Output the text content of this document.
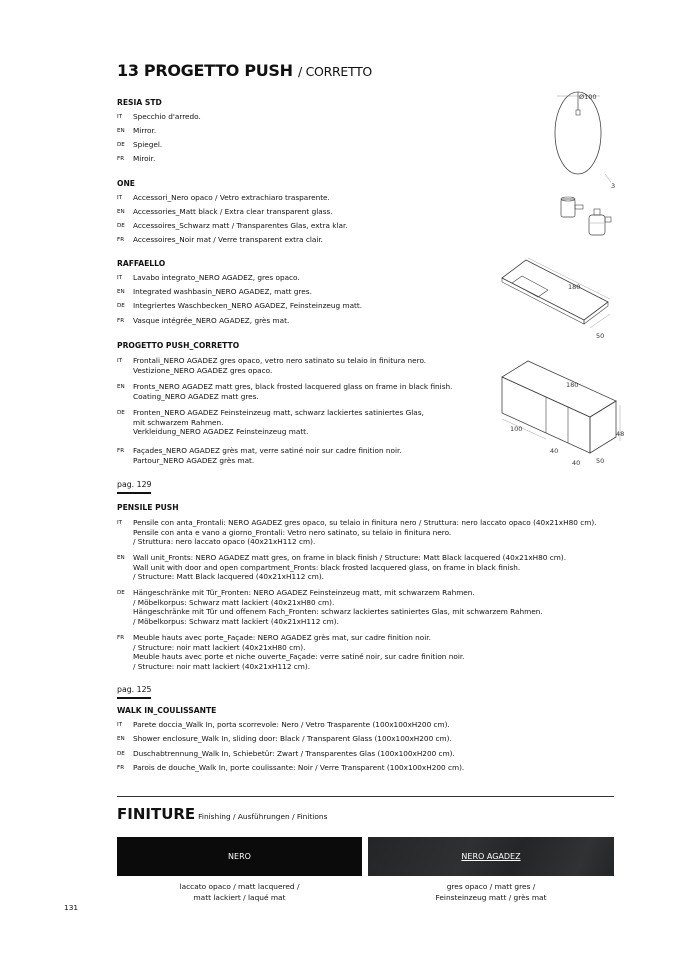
13 PROGETTO PUSH / CORRETTO
RESIA STD
IT Specchio d'arredo.
EN Mirror.
DE Spiegel.
FR Miroir.
ONE
IT Accessori_Nero opaco / Vetro extrachiaro trasparente.
EN Accessories_Matt black / Extra clear transparent glass.
DE Accessoires_Schwarz matt / Transparentes Glas, extra klar.
FR Accessoires_Noir mat / Verre transparent extra clair.
RAFFAELLO
IT Lavabo integrato_NERO AGADEZ, gres opaco.
EN Integrated washbasin_NERO AGADEZ, matt gres.
DE Integriertes Waschbecken_NERO AGADEZ, Feinsteinzeug matt.
FR Vasque intégrée_NERO AGADEZ, grès mat.
PROGETTO PUSH_CORRETTO
IT Frontali_NERO AGADEZ gres opaco, vetro nero satinato su telaio in finitura nero.
Vestizione_NERO AGADEZ gres opaco.
EN Fronts_NERO AGADEZ matt gres, black frosted lacquered glass on frame in black finish.
Coating_NERO AGADEZ matt gres.
DE Fronten_NERO AGADEZ Feinsteinzeug matt, schwarz lackiertes satiniertes Glas,
mit schwarzem Rahmen.
Verkleidung_NERO AGADEZ Feinsteinzeug matt.
FR Façades_NERO AGADEZ grès mat, verre satiné noir sur cadre finition noir.
Partour_NERO AGADEZ grès mat.
pag. 129
PENSILE PUSH
IT Pensile con anta_Frontali: NERO AGADEZ gres opaco, su telaio in finitura nero / Struttura: nero laccato opaco (40x21xH80 cm).
Pensile con anta e vano a giorno_Frontali: Vetro nero satinato, su telaio in finitura nero.
/ Struttura: nero laccato opaco (40x21xH112 cm).
EN Wall unit_Fronts: NERO AGADEZ matt gres, on frame in black finish / Structure: Matt Black lacquered (40x21xH80 cm).
Wall unit with door and open compartment_Fronts: black frosted lacquered glass, on frame in black finish.
/ Structure: Matt Black lacquered (40x21xH112 cm).
DE Hängeschränke mit Tür_Fronten: NERO AGADEZ Feinsteinzeug matt, mit schwarzem Rahmen.
/ Möbelkorpus: Schwarz matt lackiert (40x21xH80 cm).
Hängeschränke mit Tür und offenem Fach_Fronten: schwarz lackiertes satiniertes Glas, mit schwarzem Rahmen.
/ Möbelkorpus: Schwarz matt lackiert (40x21xH112 cm).
FR Meuble hauts avec porte_Façade: NERO AGADEZ grès mat, sur cadre finition noir.
/ Structure: noir matt lackiert (40x21xH80 cm).
Meuble hauts avec porte et niche ouverte_Façade: verre satiné noir, sur cadre finition noir.
/ Structure: noir matt lackiert (40x21xH112 cm).
pag. 125
WALK IN_COULISSANTE
IT Parete doccia_Walk In, porta scorrevole: Nero / Vetro Trasparente (100x100xH200 cm).
EN Shower enclosure_Walk In, sliding door: Black / Transparent Glass (100x100xH200 cm).
DE Duschabtrennung_Walk In, Schiebetür: Zwart / Transparentes Glas (100x100xH200 cm).
FR Parois de douche_Walk In, porte coulissante: Noir / Verre Transparent (100x100xH200 cm).
Ø100
3
180
50
180
100
48
40
40 50
FINITURE Finishing / Ausführungen / Finitions
NERO	NERO AGADEZ
laccato opaco / matt lacquered /
matt lackiert / laqué mat
gres opaco / matt gres /
Feinsteinzeug matt / grès mat
131
